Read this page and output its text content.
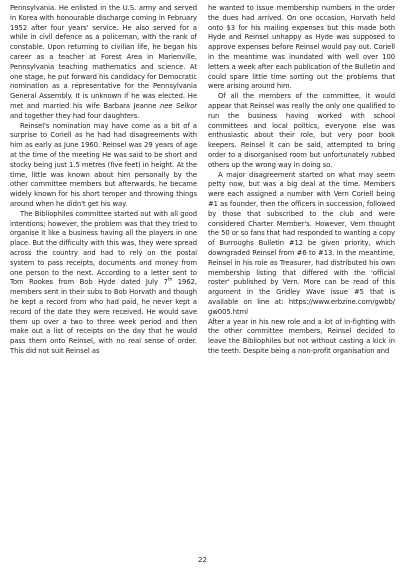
Pennsylvania. He enlisted in the U.S. army and served in Korea with honourable discharge coming in February 1952 after four years' service. He also served for a while in civil defence as a policeman, with the rank of constable. Upon returning to civilian life, he began his career as a teacher at Forest Area in Marienville, Pennsylvania teaching mathematics and science. At one stage, he put forward his candidacy for Democratic nomination as a representative for the Pennsylvania General Assembly. It is unknown if he was elected. He met and married his wife Barbara Jeanne nee Selkor and together they had four daughters.

Reinsel's nomination may have come as a bit of a surprise to Coriell as he had had disagreements with him as early as June 1960. Reinsel was 29 years of age at the time of the meeting He was said to be short and stocky being just 1.5 metres (five feet) in height. At the time, little was known about him personally by the other committee members but afterwards, he became widely known for his short temper and throwing things around when he didn't get his way.

The Bibliophiles committee started out with all good intentions; however, the problem was that they tried to organise it like a business having all the players in one place. But the difficulty with this was, they were spread across the country and had to rely on the postal system to pass receipts, documents and money from one person to the next. According to a letter sent to Tom Rookes from Bob Hyde dated July 7th 1962, members sent in their subs to Bob Horvath and though he kept a record from who had paid, he never kept a record of the date they were received. He would save them up over a two to three week period and then make out a list of receipts on the day that he would pass them onto Reinsel, with no real sense of order. This did not suit Reinsel as

he wanted to issue membership numbers in the order the dues had arrived. On one occasion, Horvath held onto $3 for his mailing expenses but this made both Hyde and Reinsel unhappy as Hyde was supposed to approve expenses before Reinsel would pay out. Coriell in the meantime was inundated with well over 100 letters a week after each publication of the Bulletin and could spare little time sorting out the problems that were arising around him.

Of all the members of the committee, it would appear that Reinsel was really the only one qualified to run the business having worked with school committees and local politics, everyone else was enthusiastic about their role, but very poor book keepers. Reinsel it can be said, attempted to bring order to a disorganised room but unfortunately rubbed others up the wrong way in doing so.

A major disagreement started on what may seem petty now, but was a big deal at the time. Members were each assigned a number with Vern Coriell being #1 as founder, then the officers in succession, followed by those that subscribed to the club and were considered Charter Member's. However, Vern thought the 50 or so fans that had responded to wanting a copy of Burroughs Bulletin #12 be given priority, which downgraded Reinsel from #6 to #13. In the meantime, Reinsel in his role as Treasurer, had distributed his own membership listing that differed with the 'official roster' published by Vern. More can be read of this argument in the Gridley Wave issue #5 that is available on line at: https://www.erbzine.com/gwbb/ gw005.html

After a year in his new role and a lot of in-fighting with the other committee members, Reinsel decided to leave the Bibliophiles but not without casting a kick in the teeth. Despite being a non-profit organisation and

22
